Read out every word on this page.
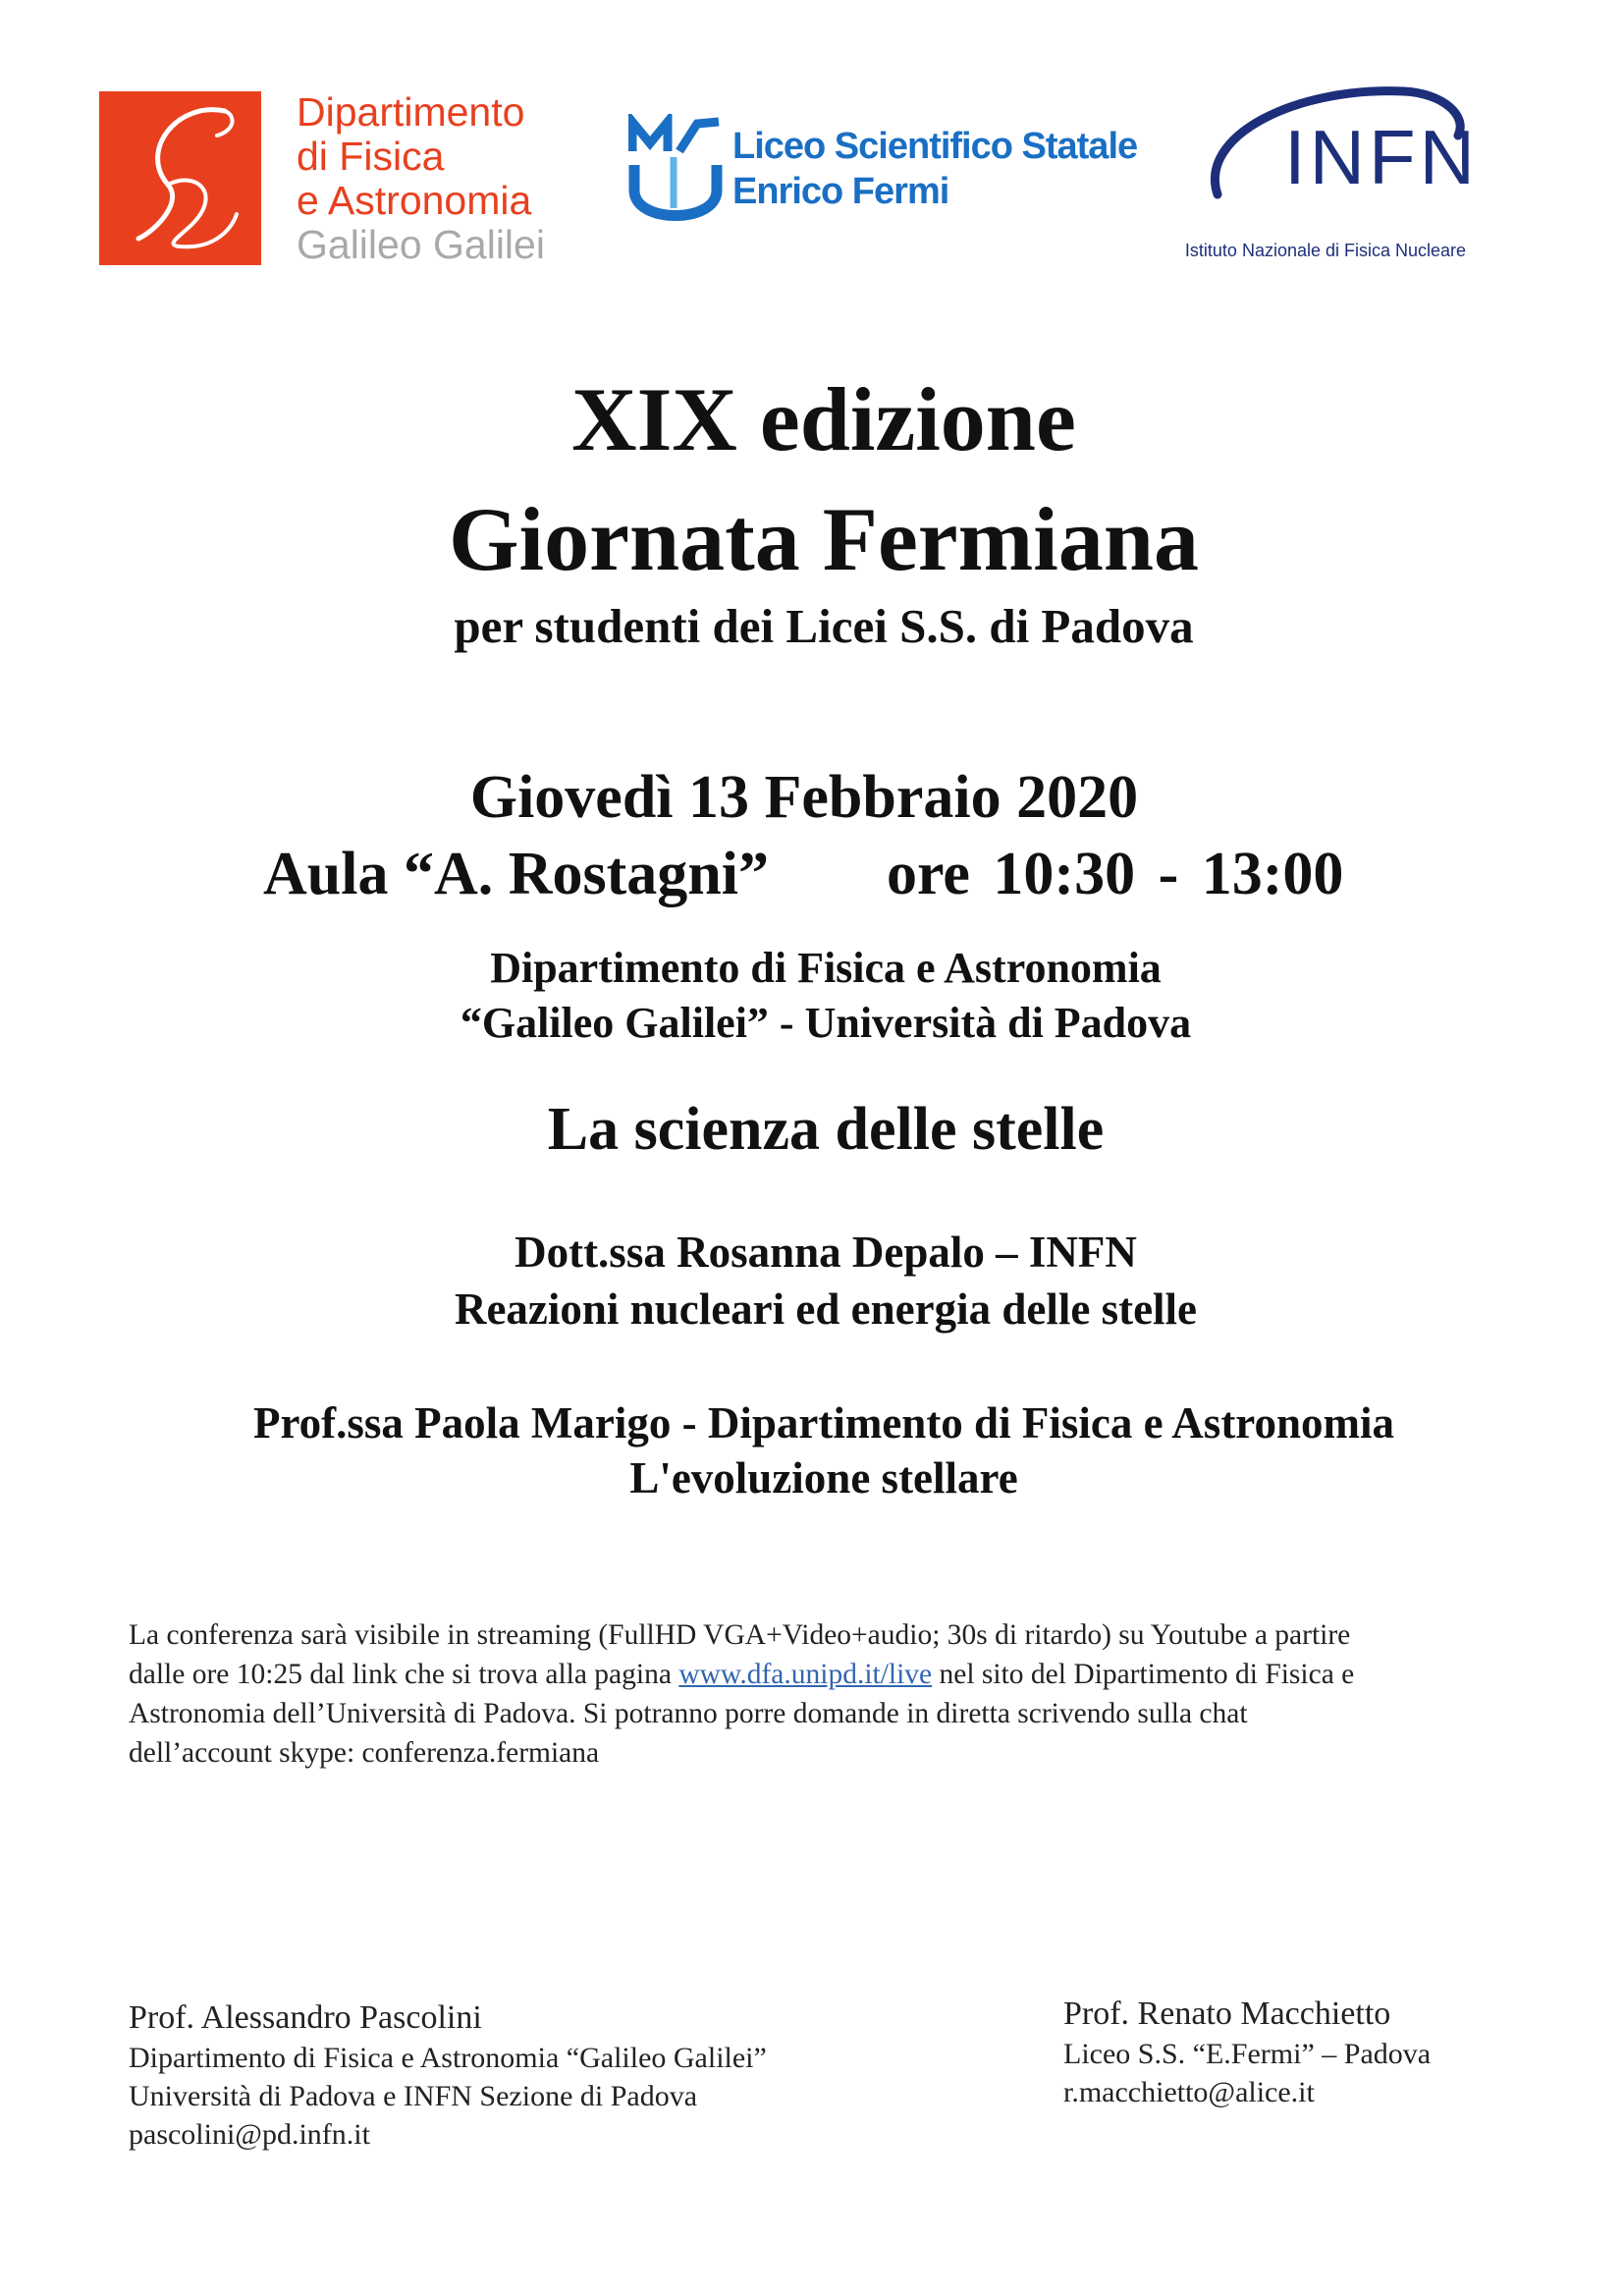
Dipartimento
di Fisica
e Astronomia
Galileo Galilei
Liceo Scientifico Statale
Enrico Fermi	INFN
Istituto Nazionale di Fisica Nucleare
XIX edizione
Giornata Fermiana
per studenti dei Licei S.S. di Padova
Giovedì 13 Febbraio 2020
Aula “A. Rostagni” ore 10:30 - 13:00
Dipartimento di Fisica e Astronomia
“Galileo Galilei” - Università di Padova
La scienza delle stelle
Dott.ssa Rosanna Depalo – INFN
Reazioni nucleari ed energia delle stelle
Prof.ssa Paola Marigo - Dipartimento di Fisica e Astronomia
L'evoluzione stellare
La conferenza sarà visibile in streaming (FullHD VGA+Video+audio; 30s di ritardo) su Youtube a partire
dalle ore 10:25 dal link che si trova alla pagina www.dfa.unipd.it/live nel sito del Dipartimento di Fisica e
Astronomia dell’Università di Padova. Si potranno porre domande in diretta scrivendo sulla chat
dell’account skype: conferenza.fermiana
Prof. Alessandro Pascolini
Dipartimento di Fisica e Astronomia “Galileo Galilei”
Università di Padova e INFN Sezione di Padova
pascolini@pd.infn.it
Prof. Renato Macchietto
Liceo S.S. “E.Fermi” – Padova
r.macchietto@alice.it
